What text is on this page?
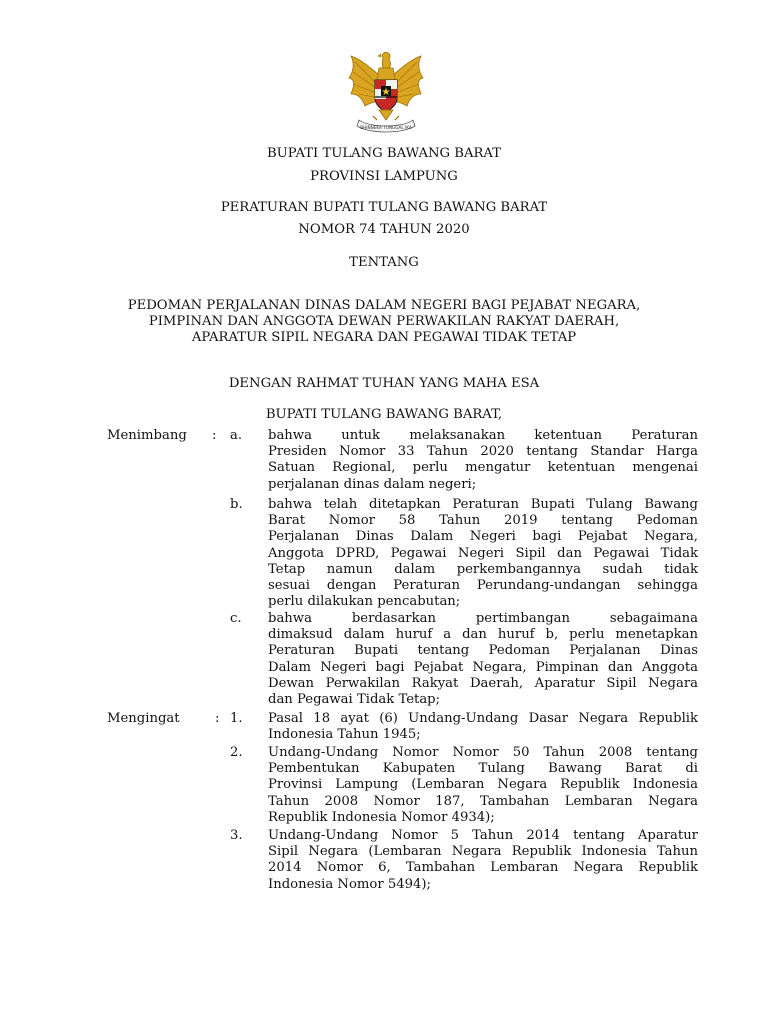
BHINNEKA TUNGGAL IKA
BUPATI TULANG BAWANG BARAT
PROVINSI LAMPUNG
PERATURAN BUPATI TULANG BAWANG BARAT
NOMOR 74 TAHUN 2020
TENTANG
PEDOMAN PERJALANAN DINAS DALAM NEGERI BAGI PEJABAT NEGARA,
PIMPINAN DAN ANGGOTA DEWAN PERWAKILAN RAKYAT DAERAH,
APARATUR SIPIL NEGARA DAN PEGAWAI TIDAK TETAP
DENGAN RAHMAT TUHAN YANG MAHA ESA
BUPATI TULANG BAWANG BARAT,
Menimbang : a. bahwa untuk melaksanakan ketentuan Peraturan
Presiden Nomor 33 Tahun 2020 tentang Standar Harga
Satuan Regional, perlu mengatur ketentuan mengenai
perjalanan dinas dalam negeri;
b. bahwa telah ditetapkan Peraturan Bupati Tulang Bawang
Barat Nomor 58 Tahun 2019 tentang Pedoman
Perjalanan Dinas Dalam Negeri bagi Pejabat Negara,
Anggota DPRD, Pegawai Negeri Sipil dan Pegawai Tidak
Tetap namun dalam perkembangannya sudah tidak
sesuai dengan Peraturan Perundang-undangan sehingga
perlu dilakukan pencabutan;
c. bahwa berdasarkan pertimbangan sebagaimana
dimaksud dalam huruf a dan huruf b, perlu menetapkan
Peraturan Bupati tentang Pedoman Perjalanan Dinas
Dalam Negeri bagi Pejabat Negara, Pimpinan dan Anggota
Dewan Perwakilan Rakyat Daerah, Aparatur Sipil Negara
dan Pegawai Tidak Tetap;
Mengingat	: 1. Pasal 18 ayat (6) Undang-Undang Dasar Negara Republik
Indonesia Tahun 1945;
2. Undang-Undang Nomor Nomor 50 Tahun 2008 tentang
Pembentukan Kabupaten Tulang Bawang Barat di
Provinsi Lampung (Lembaran Negara Republik Indonesia
Tahun 2008 Nomor 187, Tambahan Lembaran Negara
Republik Indonesia Nomor 4934);
3. Undang-Undang Nomor 5 Tahun 2014 tentang Aparatur
Sipil Negara (Lembaran Negara Republik Indonesia Tahun
2014 Nomor 6, Tambahan Lembaran Negara Republik
Indonesia Nomor 5494);
